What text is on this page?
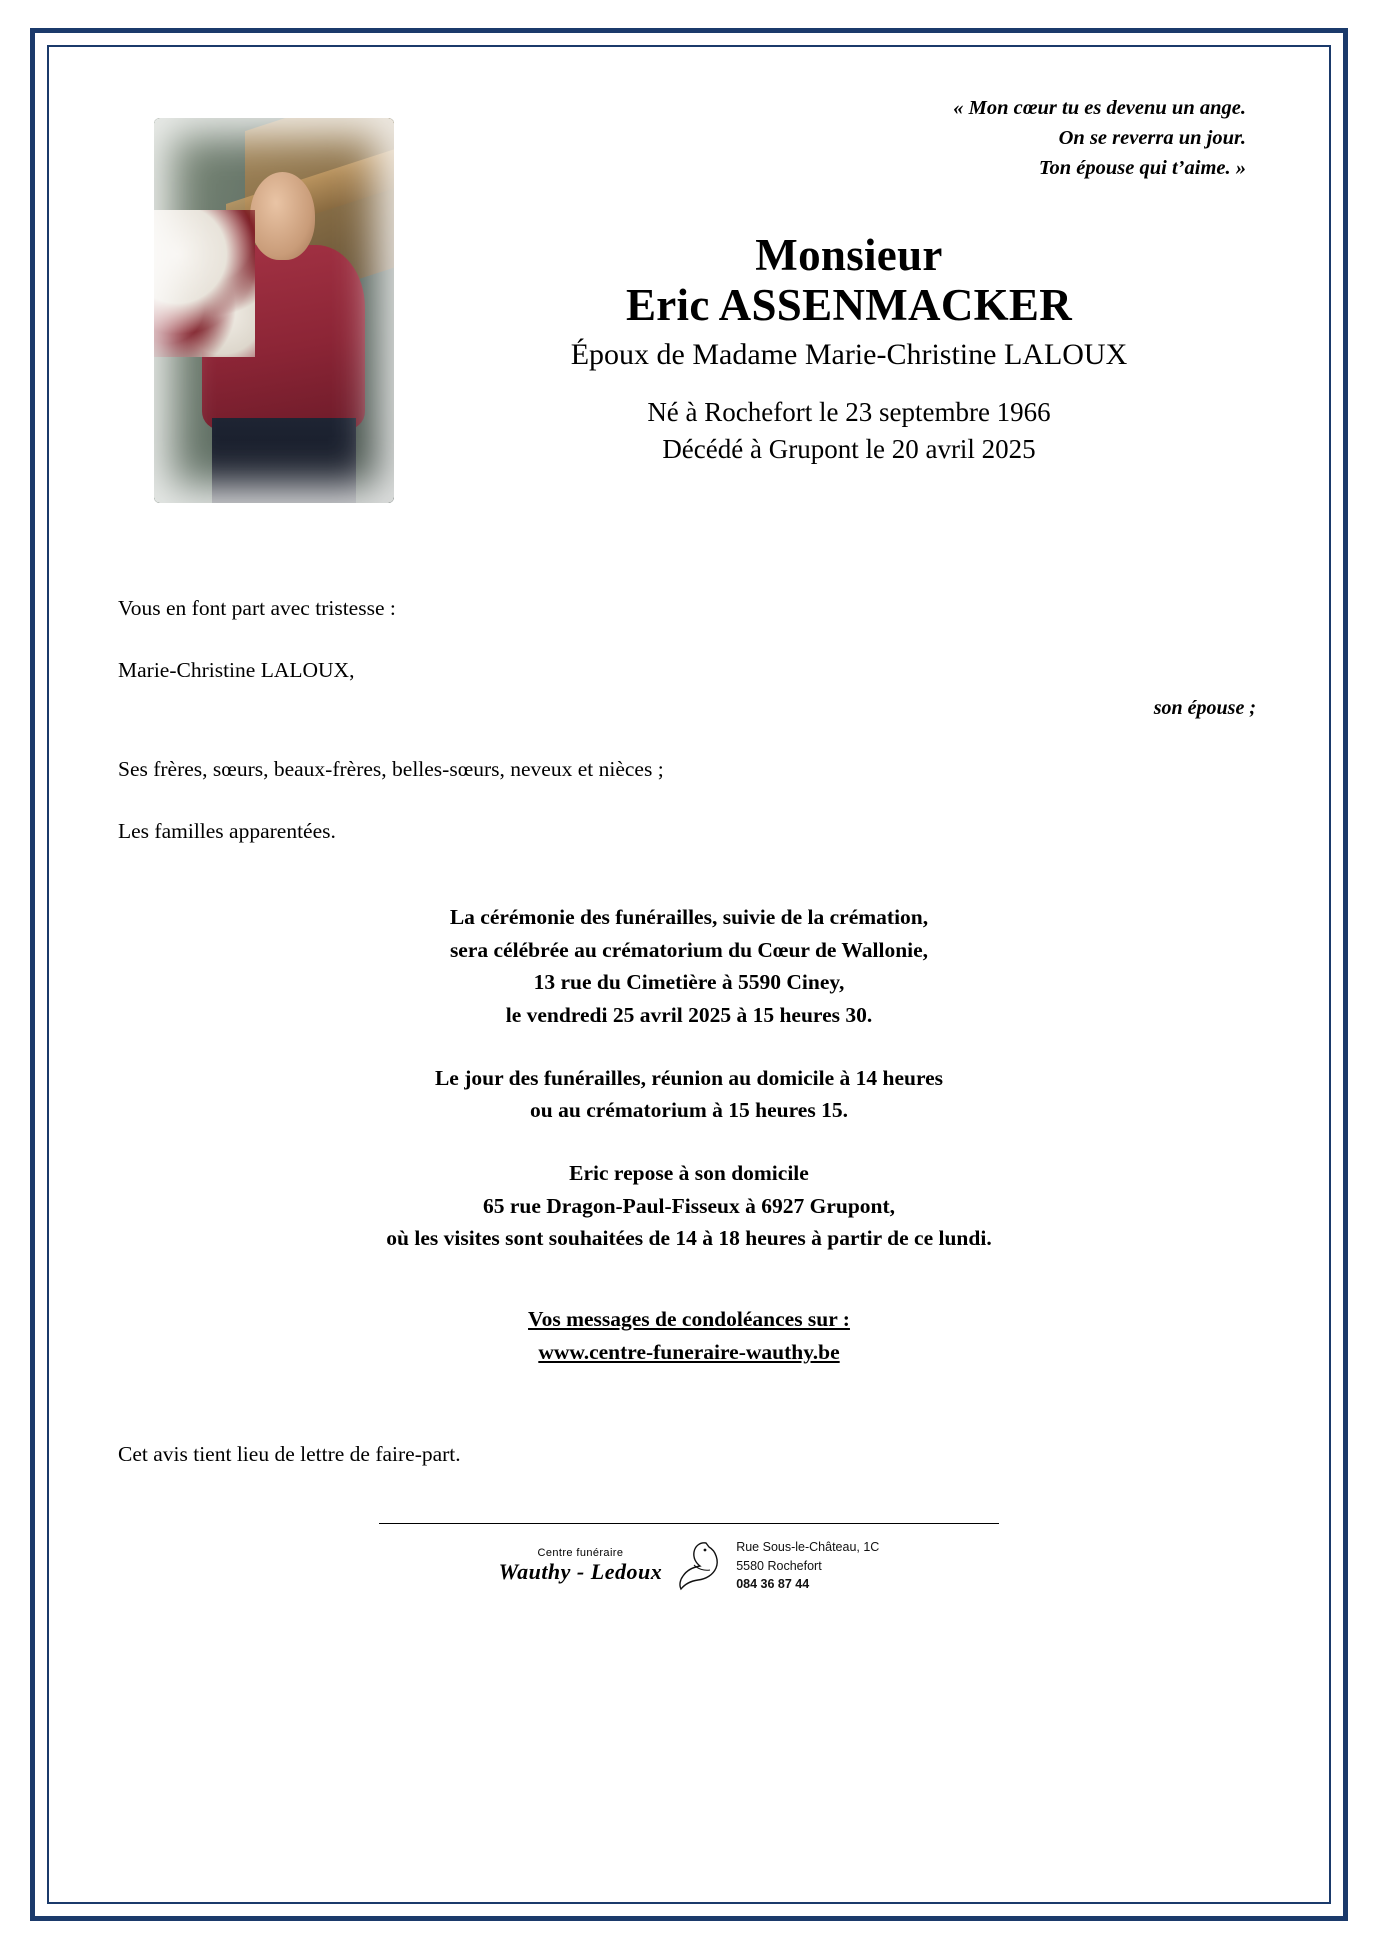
« Mon cœur tu es devenu un ange.
On se reverra un jour.
Ton épouse qui t’aime. »
Monsieur
Eric ASSENMACKER
Époux de Madame Marie-Christine LALOUX
Né à Rochefort le 23 septembre 1966
Décédé à Grupont le 20 avril 2025

Vous en font part avec tristesse :

Marie-Christine LALOUX,

son épouse ;

Ses frères, sœurs, beaux-frères, belles-sœurs, neveux et nièces ;

Les familles apparentées.

La cérémonie des funérailles, suivie de la crémation,
sera célébrée au crématorium du Cœur de Wallonie,
13 rue du Cimetière à 5590 Ciney,
le vendredi 25 avril 2025 à 15 heures 30.
Le jour des funérailles, réunion au domicile à 14 heures
ou au crématorium à 15 heures 15.
Eric repose à son domicile
65 rue Dragon-Paul-Fisseux à 6927 Grupont,
où les visites sont souhaitées de 14 à 18 heures à partir de ce lundi.
Vos messages de condoléances sur :
www.centre-funeraire-wauthy.be
Cet avis tient lieu de lettre de faire-part.
Centre funéraire
Wauthy - Ledoux
Rue Sous-le-Château, 1C
5580 Rochefort
084 36 87 44
